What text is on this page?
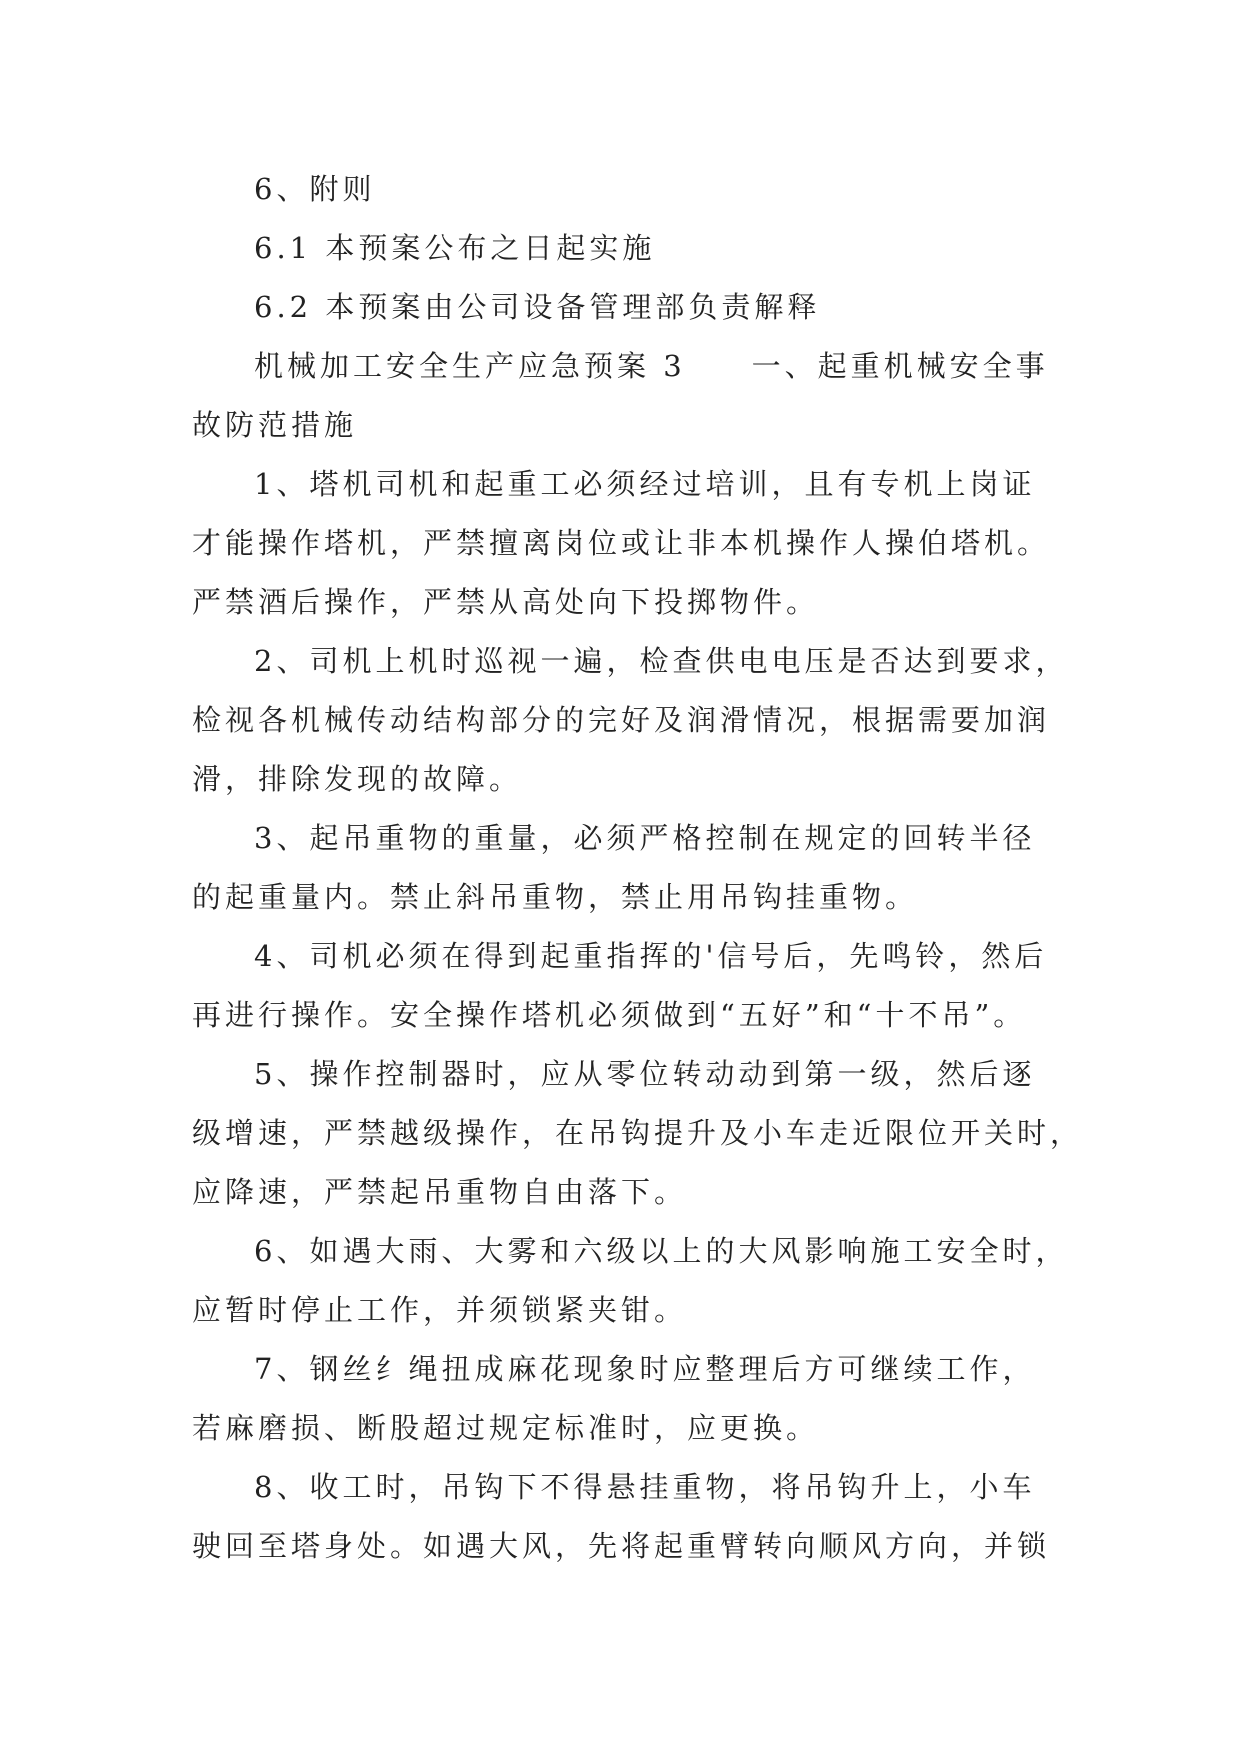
6、附则

6.1 本预案公布之日起实施

6.2 本预案由公司设备管理部负责解释

机械加工安全生产应急预案 3　　一、起重机械安全事

故防范措施

1、塔机司机和起重工必须经过培训，且有专机上岗证

才能操作塔机，严禁擅离岗位或让非本机操作人操伯塔机。

严禁酒后操作，严禁从高处向下投掷物件。

2、司机上机时巡视一遍，检查供电电压是否达到要求，

检视各机械传动结构部分的完好及润滑情况，根据需要加润

滑，排除发现的故障。

3、起吊重物的重量，必须严格控制在规定的回转半径

的起重量内。禁止斜吊重物，禁止用吊钩挂重物。

4、司机必须在得到起重指挥的'信号后，先鸣铃，然后

再进行操作。安全操作塔机必须做到“五好”和“十不吊”。

5、操作控制器时，应从零位转动动到第一级，然后逐

级增速，严禁越级操作，在吊钩提升及小车走近限位开关时，

应降速，严禁起吊重物自由落下。

6、如遇大雨、大雾和六级以上的大风影响施工安全时，

应暂时停止工作，并须锁紧夹钳。

7、钢丝纟绳扭成麻花现象时应整理后方可继续工作，

若麻磨损、断股超过规定标准时，应更换。

8、收工时，吊钩下不得悬挂重物，将吊钩升上，小车

驶回至塔身处。如遇大风，先将起重臂转向顺风方向，并锁
